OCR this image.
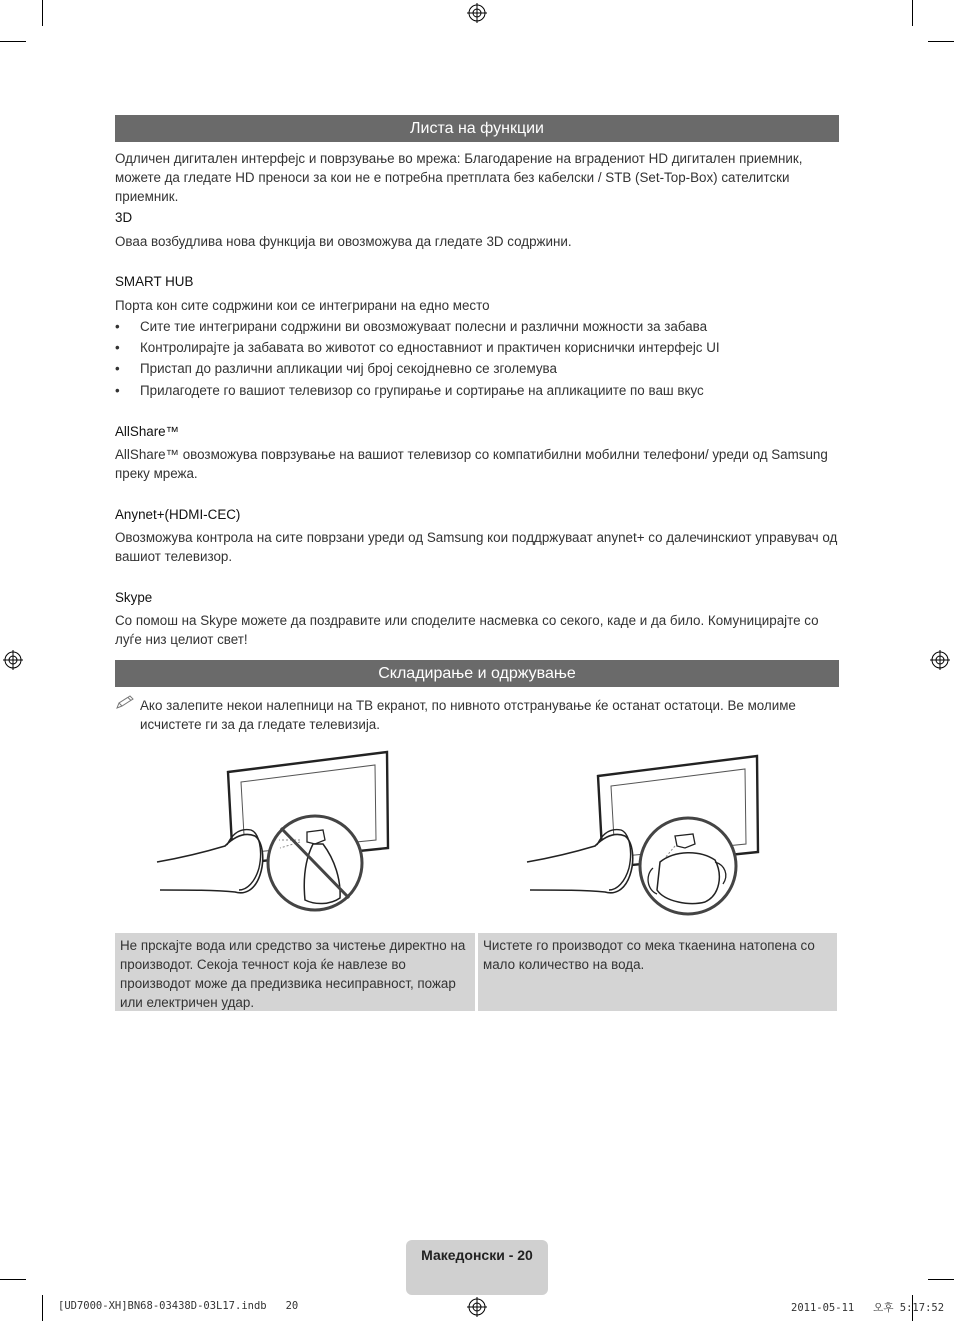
Листа на функции
Одличен дигитален интерфејс и поврзување во мрежа: Благодарение на вградениот HD дигитален приемник, можете да гледате HD преноси за кои не е потребна претплата без кабелски / STB (Set-Top-Box) сателитски приемник.
3D
Оваа возбудлива нова функција ви овозможува да гледате 3D содржини.
SMART HUB
Порта кон сите содржини кои се интегрирани на едно место
• Сите тие интегрирани содржини ви овозможуваат полесни и различни можности за забава
• Контролирајте ја забавата во животот со едноставниот и практичен кориснички интерфејс UI
• Пристап до различни апликации чиј број секојдневно се зголемува
• Прилагодете го вашиот телевизор со групирање и сортирање на апликациите по ваш вкус
AllShare™
AllShare™ овозможува поврзување на вашиот телевизор со компатибилни мобилни телефони/ уреди од Samsung преку мрежа.
Anynet+(HDMI-CEC)
Овозможува контрола на сите поврзани уреди од Samsung кои поддржуваат anynet+ со далечинскиот управувач од вашиот телевизор.
Skype
Со помош на Skype можете да поздравите или споделите насмевка со секого, каде и да било. Комуницирајте со луѓе низ целиот свет!
Складирање и одржување
Ако залепите некои налепници на ТВ екранот, по нивното отстранување ќе останат остатоци. Ве молиме исчистете ги за да гледате телевизија.
Не прскајте вода или средство за чистење директно на производот. Секоја течност која ќе навлезе во производот може да предизвика несиправност, пожар или електричен удар.
Чистете го производот со мека ткаенина натопена со мало количество на вода.
Македонски - 20
[UD7000-XH]BN68-03438D-03L17.indb   20	2011-05-11   오후 5:17:52
